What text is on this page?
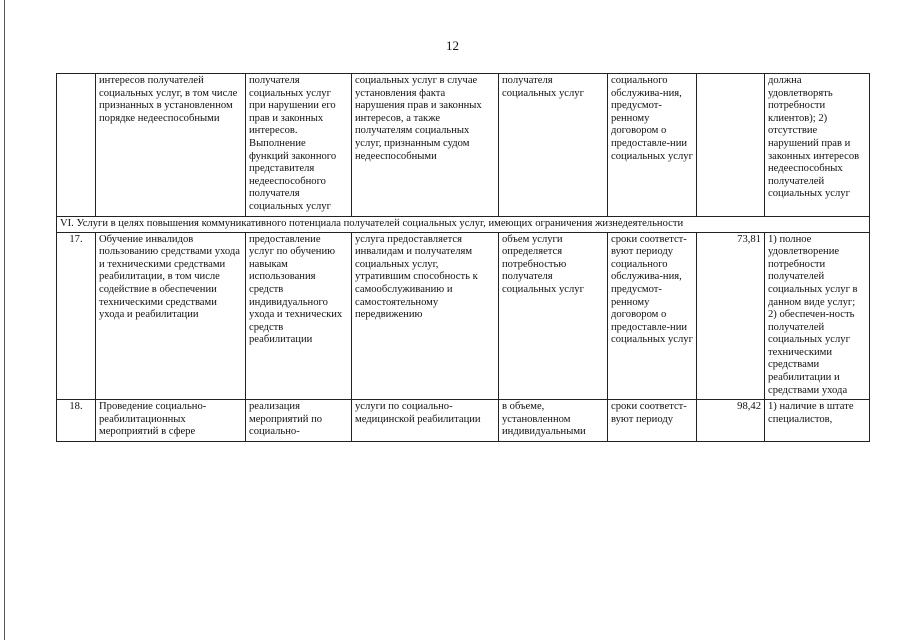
12
	интересов получателей социальных услуг, в том числе признанных в установленном порядке недееспособными	получателя социальных услуг при нарушении его прав и законных интересов. Выполнение функций законного представителя недееспособного получателя социальных услуг	социальных услуг в случае установления факта нарушения прав и законных интересов, а также получателям социальных услуг, признанным судом недееспособными	получателя социальных услуг	социального обслужива-ния, предусмот-ренному договором о предоставле-нии социальных услуг		должна удовлетворять потребности клиентов); 2) отсутствие нарушений прав и законных интересов недееспособных получателей социальных услуг
VI. Услуги в целях повышения коммуникативного потенциала получателей социальных услуг, имеющих ограничения жизнедеятельности							
17.	Обучение инвалидов пользованию средствами ухода и техническими средствами реабилитации, в том числе содействие в обеспечении техническими средствами ухода и реабилитации	предоставление услуг по обучению навыкам использования средств индивидуального ухода и технических средств реабилитации	услуга предоставляется инвалидам и получателям социальных услуг, утратившим способность к самообслуживанию и самостоятельному передвижению	объем услуги определяется потребностью получателя социальных услуг	сроки соответст-вуют периоду социального обслужива-ния, предусмот-ренному договором о предоставле-нии социальных услуг	73,81	1) полное удовлетворение потребности получателей социальных услуг в данном виде услуг; 2) обеспечен-ность получателей социальных услуг техническими средствами реабилитации и средствами ухода

18.	Проведение социально-реабилитационных мероприятий в сфере	реализация мероприятий по социально-	услуги по социально-медицинской реабилитации	в объеме, установленном индивидуальными	сроки соответст-вуют периоду	98,42	1) наличие в штате специалистов,
